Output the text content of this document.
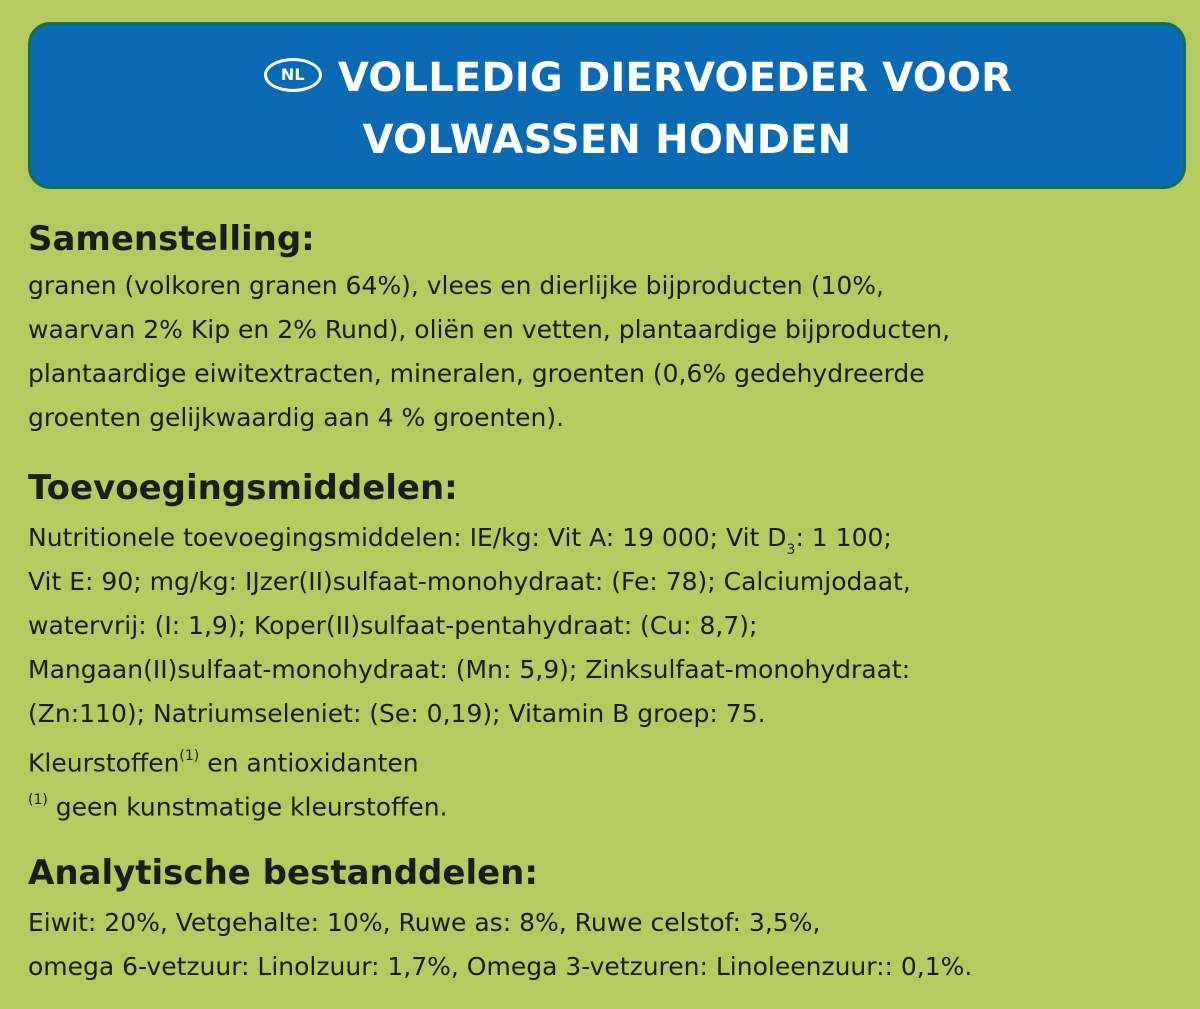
NL VOLLEDIG DIERVOEDER VOOR
VOLWASSEN HONDEN
Samenstelling:
granen (volkoren granen 64%), vlees en dierlijke bijproducten (10%,
waarvan 2% Kip en 2% Rund), oliën en vetten, plantaardige bijproducten,
plantaardige eiwitextracten, mineralen, groenten (0,6% gedehydreerde
groenten gelijkwaardig aan 4 % groenten).
Toevoegingsmiddelen:
Nutritionele toevoegingsmiddelen: IE/kg: Vit A: 19 000; Vit $D_3$: 1 100;
Vit E: 90; mg/kg: IJzer(II)sulfaat-monohydraat: (Fe: 78); Calciumjodaat,
watervrij: (I: 1,9); Koper(II)sulfaat-pentahydraat: (Cu: 8,7);
Mangaan(II)sulfaat-monohydraat: (Mn: 5,9); Zinksulfaat-monohydraat:
(Zn:110); Natriumseleniet: (Se: 0,19); Vitamin B groep: 75.
Kleurstoffen$^{(1)}$ en antioxidanten
$^{(1)}$ geen kunstmatige kleurstoffen.
Analytische bestanddelen:
Eiwit: 20%, Vetgehalte: 10%, Ruwe as: 8%, Ruwe celstof: 3,5%,
omega 6-vetzuur: Linolzuur: 1,7%, Omega 3-vetzuren: Linoleenzuur:: 0,1%.
